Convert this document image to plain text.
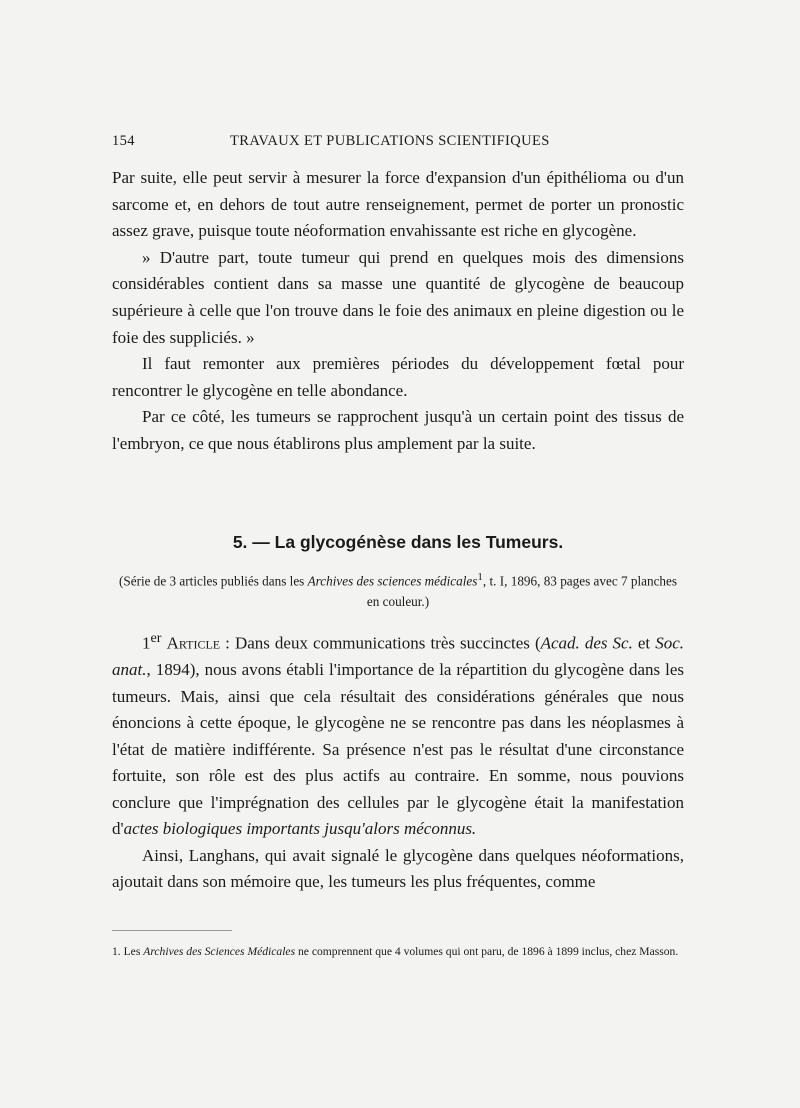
154	TRAVAUX ET PUBLICATIONS SCIENTIFIQUES

Par suite, elle peut servir à mesurer la force d'expansion d'un épithélioma ou d'un sarcome et, en dehors de tout autre renseignement, permet de porter un pronostic assez grave, puisque toute néoformation envahissante est riche en glycogène.

» D'autre part, toute tumeur qui prend en quelques mois des dimensions considérables contient dans sa masse une quantité de glycogène de beaucoup supérieure à celle que l'on trouve dans le foie des animaux en pleine digestion ou le foie des suppliciés. »

Il faut remonter aux premières périodes du développement fœtal pour rencontrer le glycogène en telle abondance.

Par ce côté, les tumeurs se rapprochent jusqu'à un certain point des tissus de l'embryon, ce que nous établirons plus amplement par la suite.

5. — La glycogénèse dans les Tumeurs.
(Série de 3 articles publiés dans les Archives des sciences médicales$^1$, t. I, 1896, 83 pages avec 7 planches en couleur.)

1er Article : Dans deux communications très succinctes (Acad. des Sc. et Soc. anat., 1894), nous avons établi l'importance de la répartition du glycogène dans les tumeurs. Mais, ainsi que cela résultait des considérations générales que nous énoncions à cette époque, le glycogène ne se rencontre pas dans les néoplasmes à l'état de matière indifférente. Sa présence n'est pas le résultat d'une circonstance fortuite, son rôle est des plus actifs au contraire. En somme, nous pouvions conclure que l'imprégnation des cellules par le glycogène était la manifestation d'actes biologiques importants jusqu'alors méconnus.

Ainsi, Langhans, qui avait signalé le glycogène dans quelques néoformations, ajoutait dans son mémoire que, les tumeurs les plus fréquentes, comme

1. Les Archives des Sciences Médicales ne comprennent que 4 volumes qui ont paru, de 1896 à 1899 inclus, chez Masson.
